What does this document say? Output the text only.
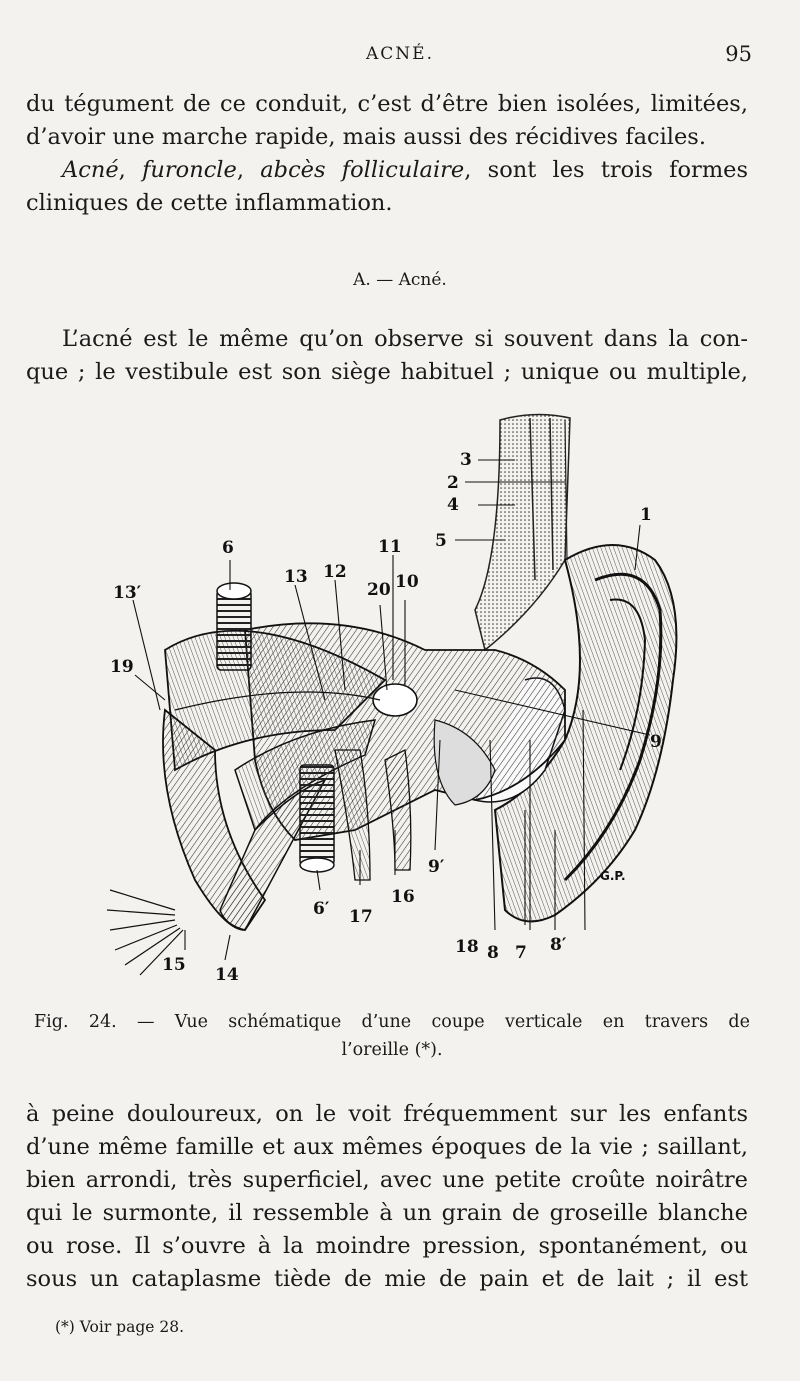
ACNÉ.	95

du tégument de ce conduit, c’est d’être bien isolées, limitées,
d’avoir une marche rapide, mais aussi des récidives faciles.

Acné, furoncle, abcès folliculaire, sont les trois formes
cliniques de cette inflammation.

A. — Acné.

L’acné est le même qu’on observe si souvent dans la con-
que ; le vestibule est son siège habituel ; unique ou multiple,

1
2
3
4
5
6
6′
7
8	8′
9
9′
10
11
12
13
13′
14
15
16
17
18
19
20
G.P.
Fig. 24. — Vue schématique d’une coupe verticale en travers de
l’oreille (*).

à peine douloureux, on le voit fréquemment sur les enfants
d’une même famille et aux mêmes époques de la vie ; saillant,
bien arrondi, très superficiel, avec une petite croûte noirâtre
qui le surmonte, il ressemble à un grain de groseille blanche
ou rose. Il s’ouvre à la moindre pression, spontanément, ou
sous un cataplasme tiède de mie de pain et de lait ; il est

(*) Voir page 28.
